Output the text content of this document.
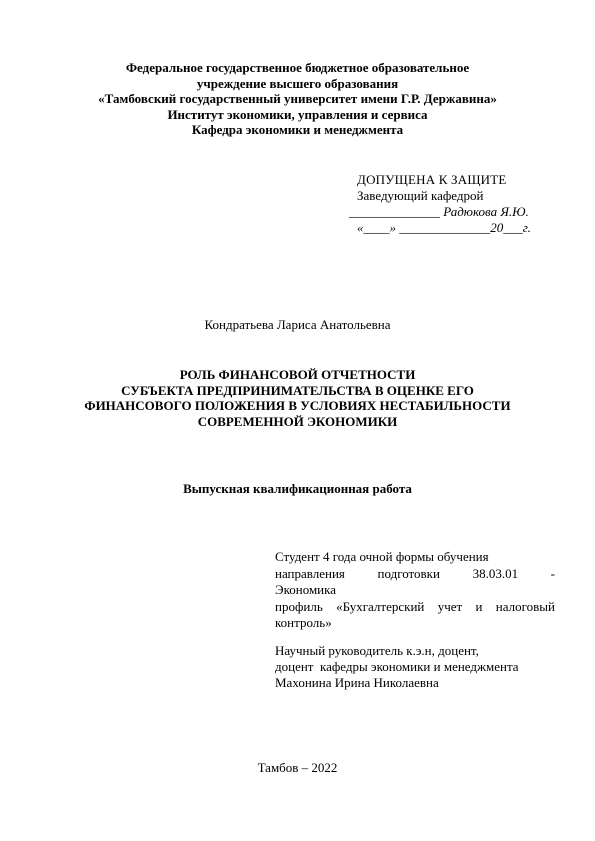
Федеральное государственное бюджетное образовательное
учреждение высшего образования
«Тамбовский государственный университет имени Г.Р. Державина»
Институт экономики, управления и сервиса
Кафедра экономики и менеджмента
ДОПУЩЕНА К ЗАЩИТЕ
Заведующий кафедрой
______________ Радюкова Я.Ю.
«____» ______________20___г.
Кондратьева Лариса Анатольевна
РОЛЬ ФИНАНСОВОЙ ОТЧЕТНОСТИ
СУБЪЕКТА ПРЕДПРИНИМАТЕЛЬСТВА В ОЦЕНКЕ ЕГО
ФИНАНСОВОГО ПОЛОЖЕНИЯ В УСЛОВИЯХ НЕСТАБИЛЬНОСТИ
СОВРЕМЕННОЙ ЭКОНОМИКИ
Выпускная квалификационная работа
Студент 4 года очной формы обучения
направления	подготовки	38.03.01	-
Экономика
профиль «Бухгалтерский учет и налоговый
контроль»
Научный руководитель к.э.н, доцент,
доцент  кафедры экономики и менеджмента
Махонина Ирина Николаевна
Тамбов – 2022
